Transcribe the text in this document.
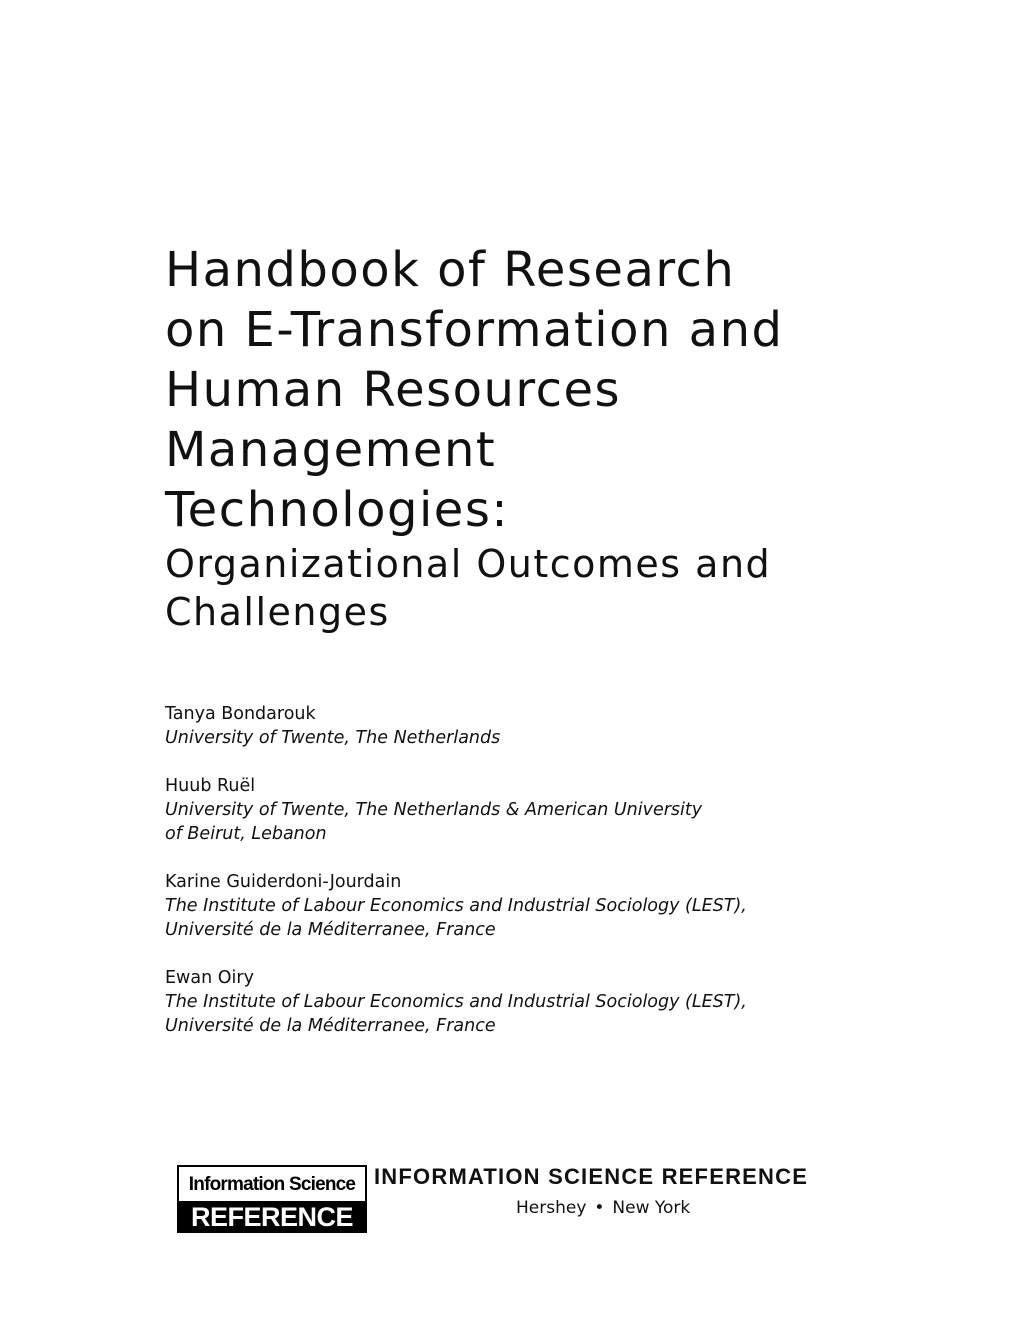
Handbook of Research
on E-Transformation and
Human Resources
Management
Technologies:
Organizational Outcomes and
Challenges
Tanya Bondarouk
University of Twente, The Netherlands
Huub Ruël
University of Twente, The Netherlands & American University
of Beirut, Lebanon
Karine Guiderdoni-Jourdain
The Institute of Labour Economics and Industrial Sociology (LEST),
Université de la Méditerranee, France
Ewan Oiry
The Institute of Labour Economics and Industrial Sociology (LEST),
Université de la Méditerranee, France
Information Science
REFERENCE
INFORMATION SCIENCE REFERENCE
Hershey • New York
